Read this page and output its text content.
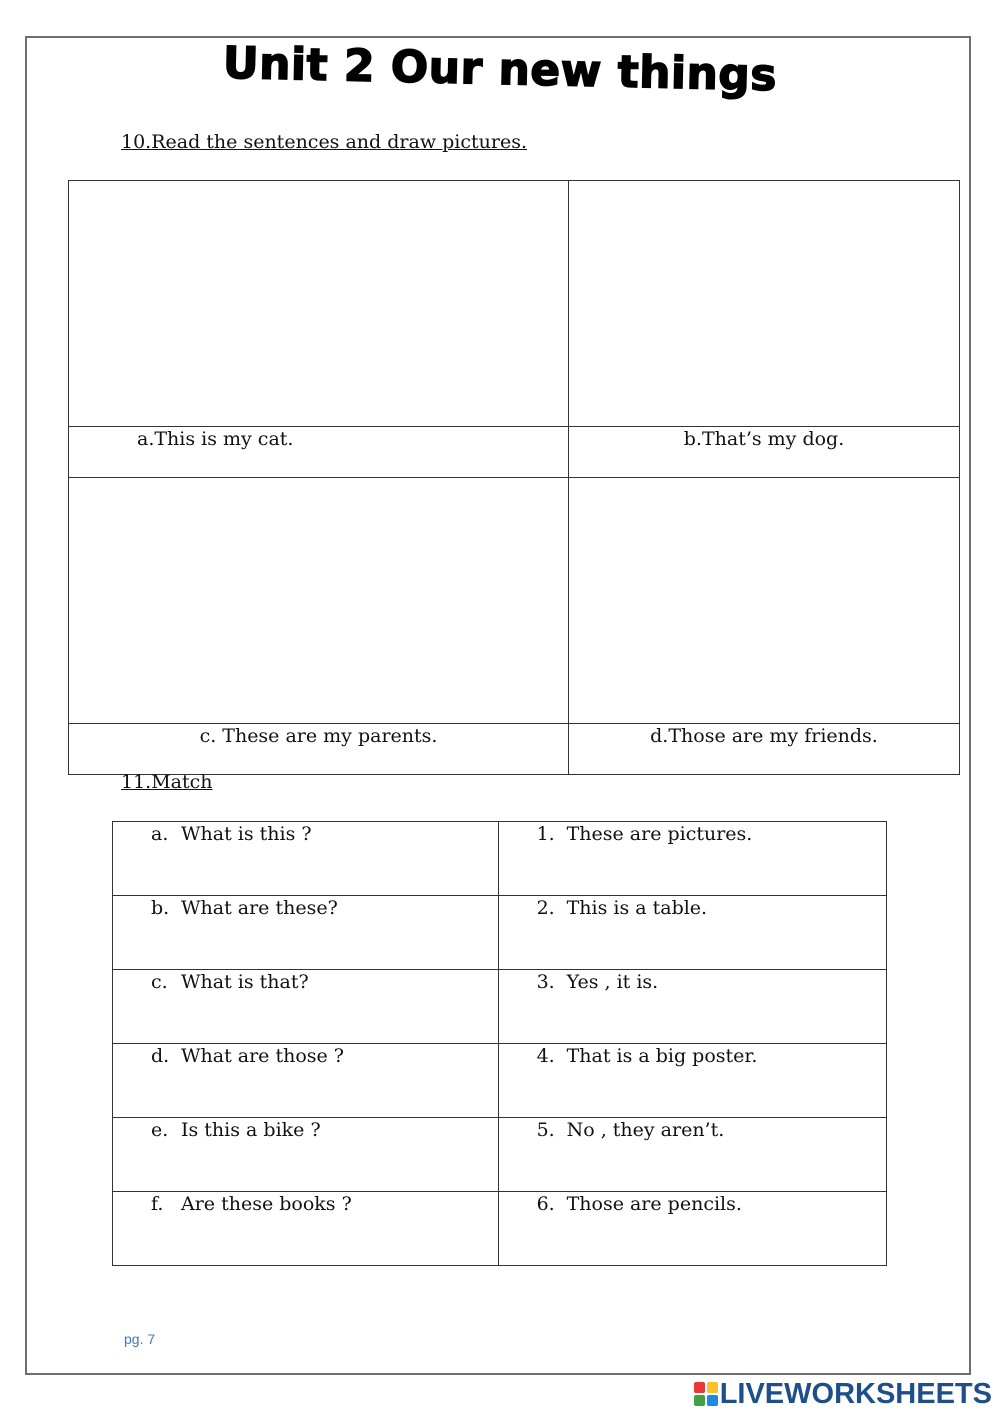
Unit 2 Our new things
10.Read the sentences and draw pictures.

a.This is my cat.	b.That’s my dog.

c. These are my parents.	d.Those are my friends.
11.Match
a. What is this ?	1. These are pictures.
b. What are these?	2. This is a table.
c. What is that?	3. Yes , it is.
d. What are those ?	4. That is a big poster.
e. Is this a bike ?	5. No , they aren’t.
f. Are these books ?	6. Those are pencils.
pg. 7
LIVEWORKSHEETS
